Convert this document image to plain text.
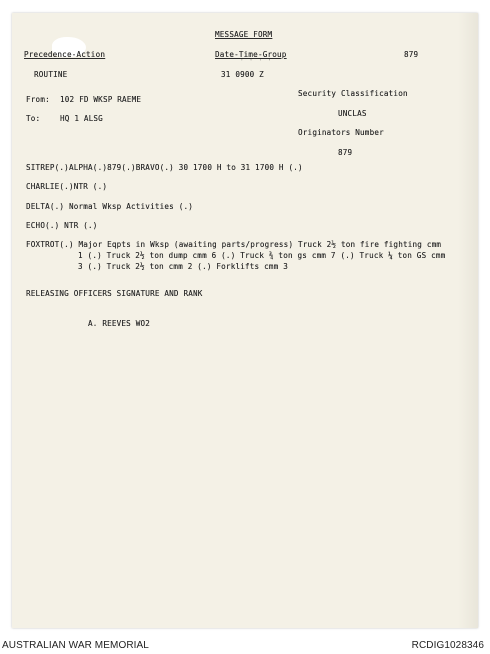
MESSAGE FORM

Precedence-Action	Date-Time-Group	879

˙ ˙ ˙ ˙

ROUTINE	31 0900 Z

Security Classification

From: 102 FD WKSP RAEME

UNCLAS

To:	HQ 1 ALSG

Originators Number

879

SITREP(.)ALPHA(.)879(.)BRAVO(.) 30 1700 H to 31 1700 H (.)

CHARLIE(.)NTR (.)

DELTA(.) Normal Wksp Activities (.)

ECHO(.) NTR (.)

FOXTROT(.) Major Eqpts in Wksp (awaiting parts/progress) Truck 2½ ton fire fighting cmm

1 (.) Truck 2½ ton dump cmm 6 (.) Truck ¾ ton gs cmm 7 (.) Truck ¼ ton GS cmm

3 (.) Truck 2½ ton cmm 2 (.) Forklifts cmm 3

RELEASING OFFICERS SIGNATURE AND RANK

A. REEVES WO2

AUSTRALIAN WAR MEMORIAL	RCDIG1028346
